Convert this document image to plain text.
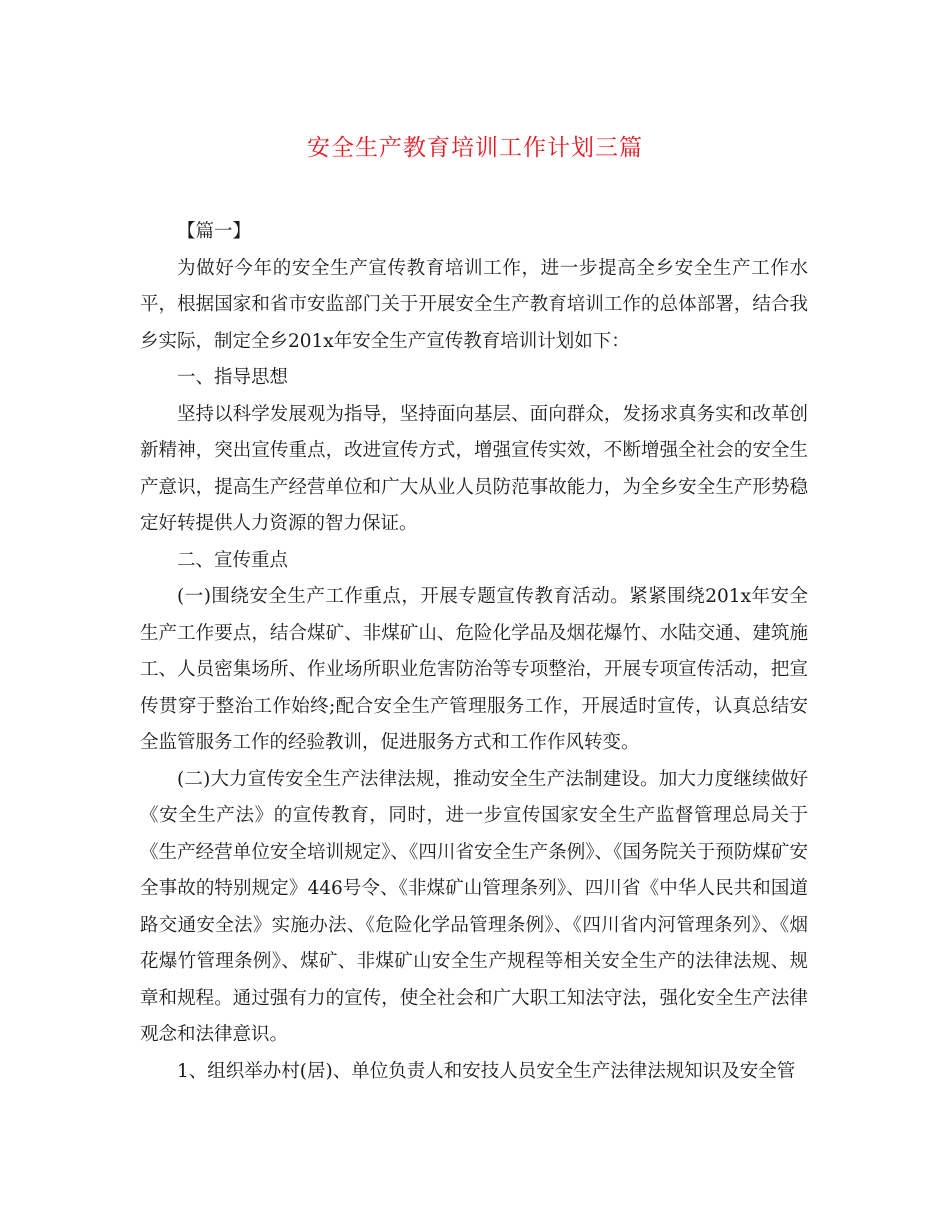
安全生产教育培训工作计划三篇

【篇一】

为做好今年的安全生产宣传教育培训工作，进一步提高全乡安全生产工作水平，根据国家和省市安监部门关于开展安全生产教育培训工作的总体部署，结合我乡实际，制定全乡201x年安全生产宣传教育培训计划如下：

一、指导思想

坚持以科学发展观为指导，坚持面向基层、面向群众，发扬求真务实和改革创新精神，突出宣传重点，改进宣传方式，增强宣传实效，不断增强全社会的安全生产意识，提高生产经营单位和广大从业人员防范事故能力，为全乡安全生产形势稳定好转提供人力资源的智力保证。

二、宣传重点

(一)围绕安全生产工作重点，开展专题宣传教育活动。紧紧围绕201x年安全生产工作要点，结合煤矿、非煤矿山、危险化学品及烟花爆竹、水陆交通、建筑施工、人员密集场所、作业场所职业危害防治等专项整治，开展专项宣传活动，把宣传贯穿于整治工作始终;配合安全生产管理服务工作，开展适时宣传，认真总结安全监管服务工作的经验教训，促进服务方式和工作作风转变。

(二)大力宣传安全生产法律法规，推动安全生产法制建设。加大力度继续做好《安全生产法》的宣传教育，同时，进一步宣传国家安全生产监督管理总局关于《生产经营单位安全培训规定》、《四川省安全生产条例》、《国务院关于预防煤矿安全事故的特别规定》446号令、《非煤矿山管理条列》、四川省《中华人民共和国道路交通安全法》实施办法、《危险化学品管理条例》、《四川省内河管理条列》、《烟花爆竹管理条例》、煤矿、非煤矿山安全生产规程等相关安全生产的法律法规、规章和规程。通过强有力的宣传，使全社会和广大职工知法守法，强化安全生产法律观念和法律意识。

1、组织举办村(居)、单位负责人和安技人员安全生产法律法规知识及安全管
